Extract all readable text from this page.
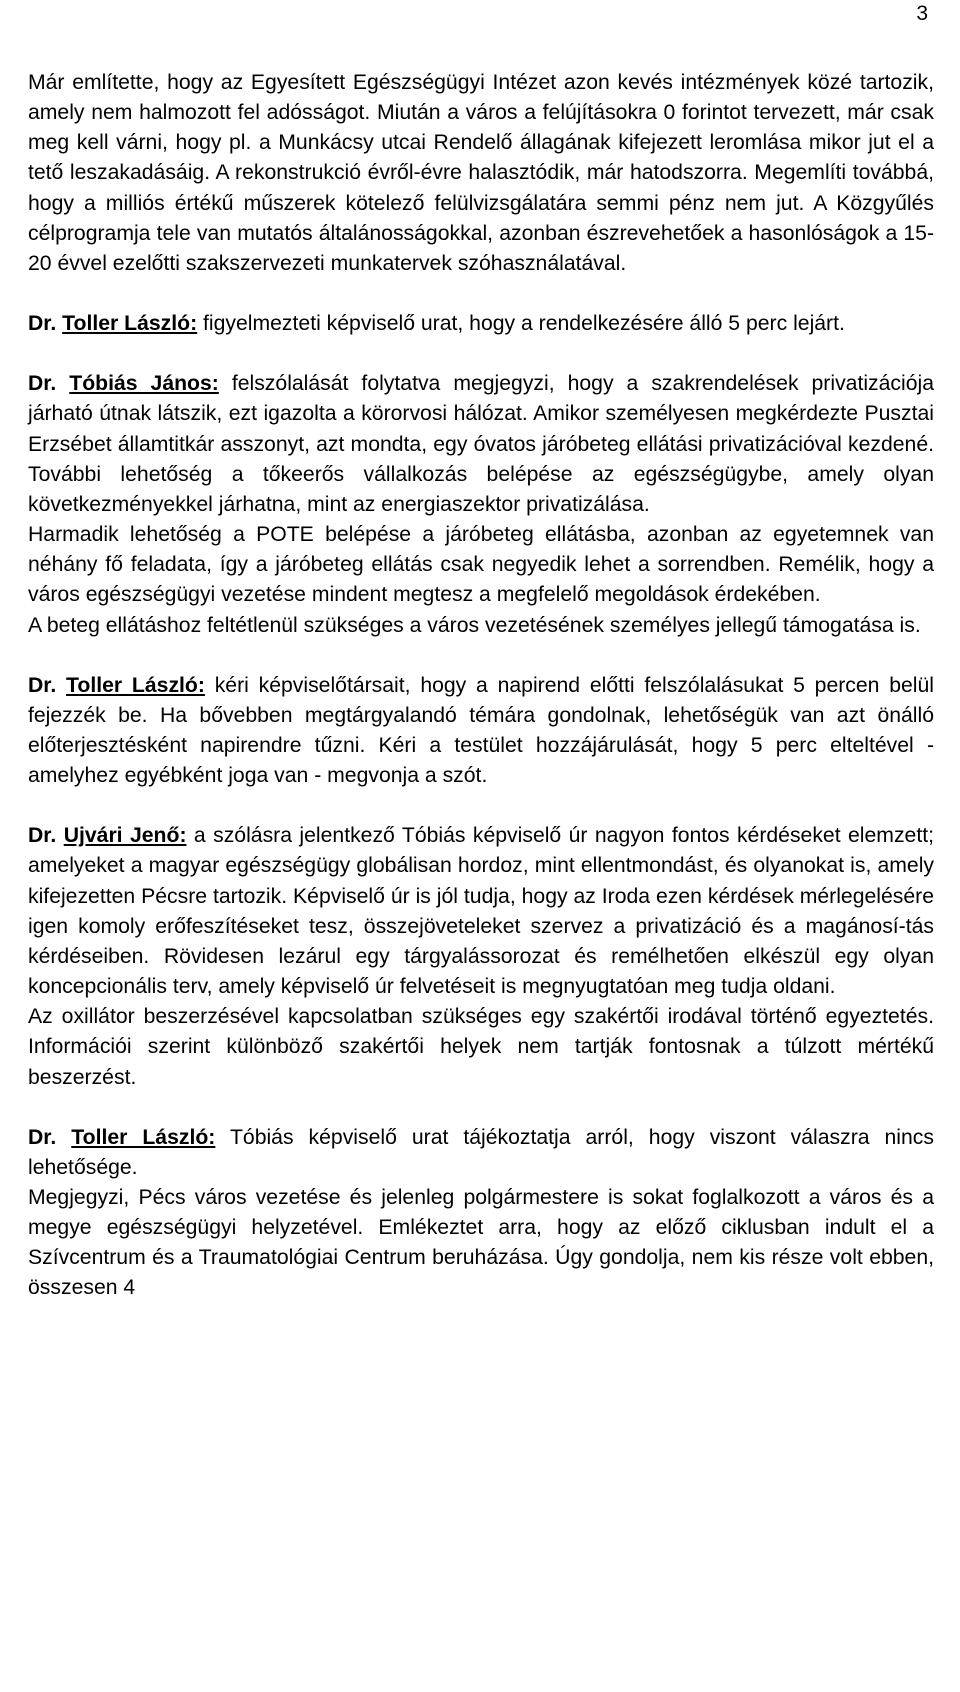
3

Már említette, hogy az Egyesített Egészségügyi Intézet azon kevés intézmények közé tartozik, amely nem halmozott fel adósságot. Miután a város a felújításokra 0 forintot tervezett, már csak meg kell várni, hogy pl. a Munkácsy utcai Rendelő állagának kifejezett leromlása mikor jut el a tető leszakadásáig. A rekonstrukció évről-évre halasztódik, már hatodszorra. Megemlíti továbbá, hogy a milliós értékű műszerek kötelező felülvizsgálatára semmi pénz nem jut. A Közgyűlés célprogramja tele van mutatós általánosságokkal, azonban észrevehetőek a hasonlóságok a 15-20 évvel ezelőtti szakszervezeti munkatervek szóhasználatával.

Dr. Toller László: figyelmezteti képviselő urat, hogy a rendelkezésére álló 5 perc lejárt.

Dr. Tóbiás János: felszólalását folytatva megjegyzi, hogy a szakrendelések privatizációja járható útnak látszik, ezt igazolta a körorvosi hálózat. Amikor személyesen megkérdezte Pusztai Erzsébet államtitkár asszonyt, azt mondta, egy óvatos járóbeteg ellátási privatizációval kezdené. További lehetőség a tőkeerős vállalkozás belépése az egészségügybe, amely olyan következményekkel járhatna, mint az energiaszektor privatizálása.

Harmadik lehetőség a POTE belépése a járóbeteg ellátásba, azonban az egyetemnek van néhány fő feladata, így a járóbeteg ellátás csak negyedik lehet a sorrendben. Remélik, hogy a város egészségügyi vezetése mindent megtesz a megfelelő megoldások érdekében.

A beteg ellátáshoz feltétlenül szükséges a város vezetésének személyes jellegű támogatása is.

Dr. Toller László: kéri képviselőtársait, hogy a napirend előtti felszólalásukat 5 percen belül fejezzék be. Ha bővebben megtárgyalandó témára gondolnak, lehetőségük van azt önálló előterjesztésként napirendre tűzni. Kéri a testület hozzájárulását, hogy 5 perc elteltével - amelyhez egyébként joga van - megvonja a szót.

Dr. Ujvári Jenő: a szólásra jelentkező Tóbiás képviselő úr nagyon fontos kérdéseket elemzett; amelyeket a magyar egészségügy globálisan hordoz, mint ellentmondást, és olyanokat is, amely kifejezetten Pécsre tartozik. Képviselő úr is jól tudja, hogy az Iroda ezen kérdések mérlegelésére igen komoly erőfeszítéseket tesz, összejöveteleket szervez a privatizáció és a magánosí-tás kérdéseiben. Rövidesen lezárul egy tárgyalássorozat és remélhetően elkészül egy olyan koncepcionális terv, amely képviselő úr felvetéseit is megnyugtatóan meg tudja oldani.

Az oxillátor beszerzésével kapcsolatban szükséges egy szakértői irodával történő egyeztetés. Információi szerint különböző szakértői helyek nem tartják fontosnak a túlzott mértékű beszerzést.

Dr. Toller László: Tóbiás képviselő urat tájékoztatja arról, hogy viszont válaszra nincs lehetősége.

Megjegyzi, Pécs város vezetése és jelenleg polgármestere is sokat foglalkozott a város és a megye egészségügyi helyzetével. Emlékeztet arra, hogy az előző ciklusban indult el a Szívcentrum és a Traumatológiai Centrum beruházása. Úgy gondolja, nem kis része volt ebben, összesen 4
